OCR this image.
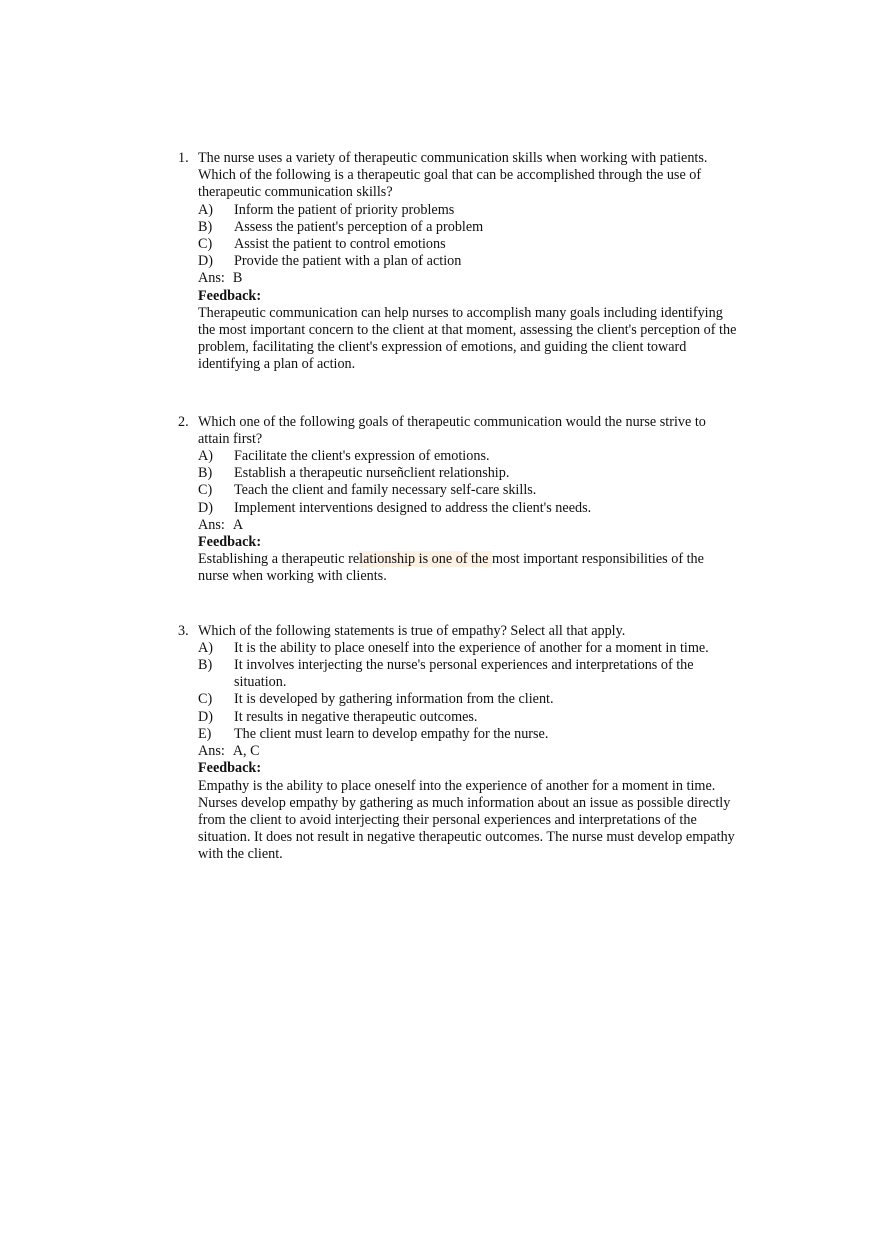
1. The nurse uses a variety of therapeutic communication skills when working with patients. Which of the following is a therapeutic goal that can be accomplished through the use of therapeutic communication skills?
A) Inform the patient of priority problems
B) Assess the patient's perception of a problem
C) Assist the patient to control emotions
D) Provide the patient with a plan of action
Ans: B
Feedback:
Therapeutic communication can help nurses to accomplish many goals including identifying the most important concern to the client at that moment, assessing the client's perception of the problem, facilitating the client's expression of emotions, and guiding the client toward identifying a plan of action.
2. Which one of the following goals of therapeutic communication would the nurse strive to attain first?
A) Facilitate the client's expression of emotions.
B) Establish a therapeutic nurseñclient relationship.
C) Teach the client and family necessary self-care skills.
D) Implement interventions designed to address the client's needs.
Ans: A
Feedback:
Establishing a therapeutic relationship is one of the most important responsibilities of the nurse when working with clients.
3. Which of the following statements is true of empathy? Select all that apply.
A) It is the ability to place oneself into the experience of another for a moment in time.
B) It involves interjecting the nurse's personal experiences and interpretations of the situation.
C) It is developed by gathering information from the client.
D) It results in negative therapeutic outcomes.
E) The client must learn to develop empathy for the nurse.
Ans: A, C
Feedback:
Empathy is the ability to place oneself into the experience of another for a moment in time. Nurses develop empathy by gathering as much information about an issue as possible directly from the client to avoid interjecting their personal experiences and interpretations of the situation. It does not result in negative therapeutic outcomes. The nurse must develop empathy with the client.
